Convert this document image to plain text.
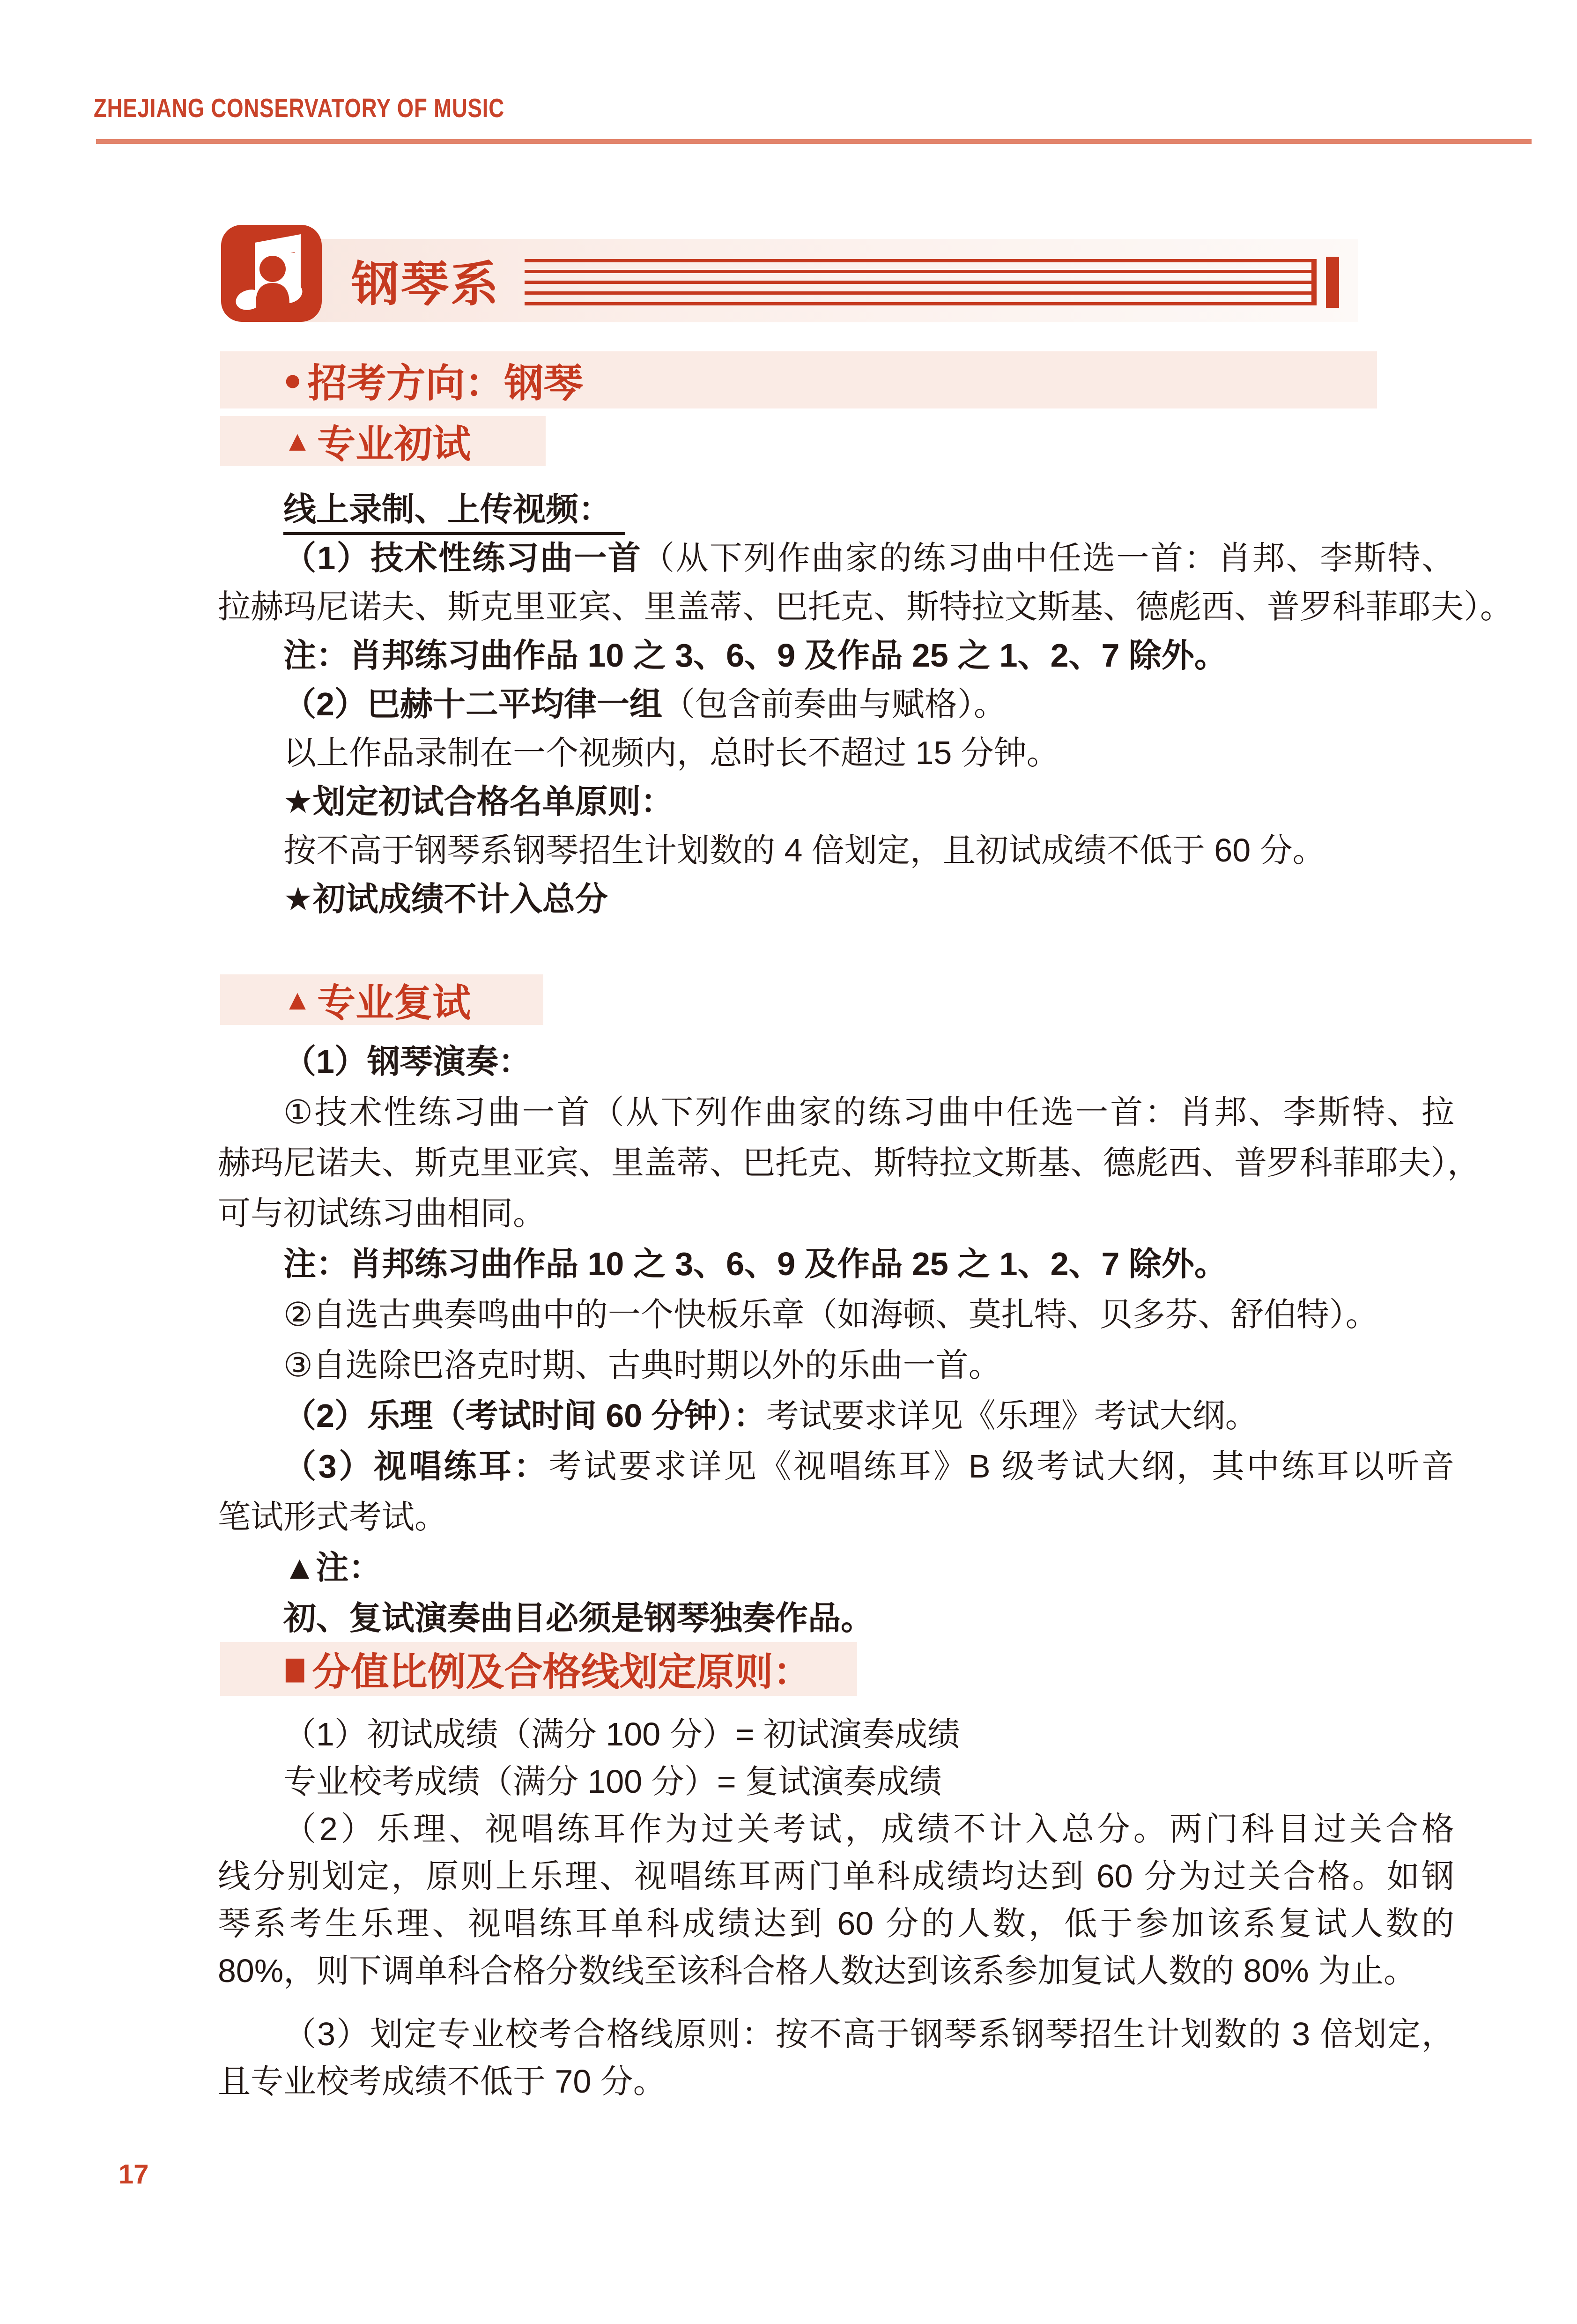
ZHEJIANG CONSERVATORY OF MUSIC
钢琴系
● 招考方向：钢琴
▲ 专业初试
线上录制、上传视频：
（1）技术性练习曲一首（从下列作曲家的练习曲中任选一首：肖邦、李斯特、
拉赫玛尼诺夫、斯克里亚宾、里盖蒂、巴托克、斯特拉文斯基、德彪西、普罗科菲耶夫）。
注：肖邦练习曲作品 10 之 3、6、9 及作品 25 之 1、2、7 除外。
（2）巴赫十二平均律一组（包含前奏曲与赋格）。
以上作品录制在一个视频内，总时长不超过 15 分钟。
★划定初试合格名单原则：
按不高于钢琴系钢琴招生计划数的 4 倍划定，且初试成绩不低于 60 分。
★初试成绩不计入总分
▲ 专业复试
（1）钢琴演奏：
①技术性练习曲一首（从下列作曲家的练习曲中任选一首：肖邦、李斯特、拉
赫玛尼诺夫、斯克里亚宾、里盖蒂、巴托克、斯特拉文斯基、德彪西、普罗科菲耶夫），
可与初试练习曲相同。
注：肖邦练习曲作品 10 之 3、6、9 及作品 25 之 1、2、7 除外。
②自选古典奏鸣曲中的一个快板乐章（如海顿、莫扎特、贝多芬、舒伯特）。
③自选除巴洛克时期、古典时期以外的乐曲一首。
（2）乐理（考试时间 60 分钟）：考试要求详见《乐理》考试大纲。
（3）视唱练耳：考试要求详见《视唱练耳》B 级考试大纲，其中练耳以听音
笔试形式考试。
▲注：
初、复试演奏曲目必须是钢琴独奏作品。
■ 分值比例及合格线划定原则：
（1）初试成绩（满分 100 分）= 初试演奏成绩
专业校考成绩（满分 100 分）= 复试演奏成绩
（2）乐理、视唱练耳作为过关考试，成绩不计入总分。两门科目过关合格
线分别划定，原则上乐理、视唱练耳两门单科成绩均达到 60 分为过关合格。如钢
琴系考生乐理、视唱练耳单科成绩达到 60 分的人数，低于参加该系复试人数的
80%，则下调单科合格分数线至该科合格人数达到该系参加复试人数的 80% 为止。
（3）划定专业校考合格线原则：按不高于钢琴系钢琴招生计划数的 3 倍划定，
且专业校考成绩不低于 70 分。
17
